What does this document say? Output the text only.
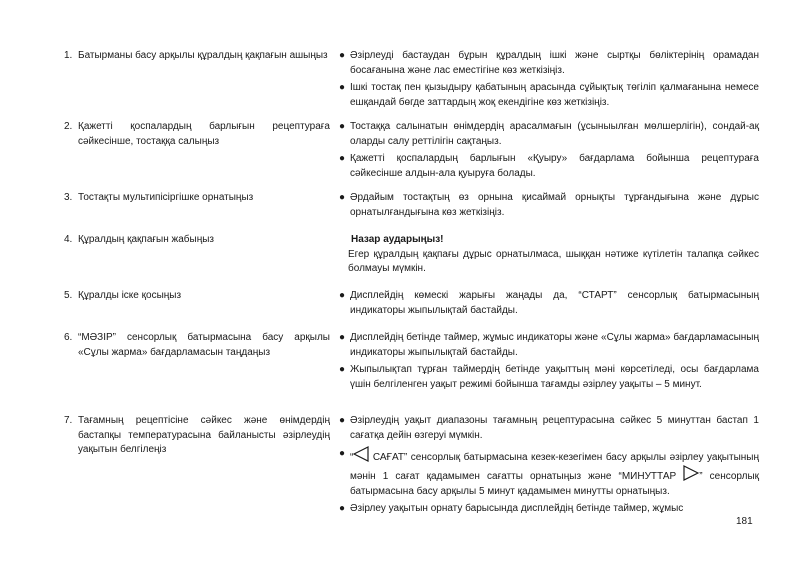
1. Батырманы басу арқылы құралдың қақпағын ашыңыз ● Әзірлеуді бастаудан бұрын құралдың ішкі және сыртқы бөліктерінің орамадан босағанына және лас еместігіне көз жеткізіңіз.
● Ішкі тостақ пен қызыдыру қабатының арасында сұйықтық төгіліп қалмағанына немесе ешқандай бөгде заттардың жоқ екендігіне көз жеткізіңіз.
2. Қажетті қоспалардың барлығын рецептураға сәйкесінше, тостаққа салыңыз
● Тостаққа салынатын өнімдердің арасалмағын (ұсыныылған мөлшерлігін), сондай-ақ оларды салу реттілігін сақтаңыз.
● Қажетті қоспалардың барлығын «Қуыру» бағдарлама бойынша рецептураға сәйкесінше алдын-ала қуыруға болады.
3. Тостақты мультипісіргішке орнатыңыз	● Әрдайым тостақтың өз орнына қисаймай орнықты тұрғандығына және дұрыс орнатылғандығына көз жеткізіңіз.
4. Құралдың қақпағын жабыңыз	Назар аударыңыз!
Егер құралдың қақпағы дұрыс орнатылмаса, шыққан нәтиже күтілетін талапқа сәйкес болмауы мүмкін.
5. Құралды іске қосыңыз	● Дисплейдің көмескі жарығы жаңады да, “СТАРТ” сенсорлық батырмасының индикаторы жыпылықтай бастайды.
6. “МӘЗІР” сенсорлық батырмасына басу арқылы «Сұлы жарма» бағдарламасын таңдаңыз
● Дисплейдің бетінде таймер, жұмыс индикаторы және «Сұлы жарма» бағдарламасының индикаторы жыпылықтай бастайды.
● Жыпылықтап тұрған таймердің бетінде уақыттың мәні көрсетіледі, осы бағдарлама үшін белгіленген уақыт режимі бойынша тағамды әзірлеу уақыты – 5 минут.
7. Тағамның рецептісіне сәйкес және өнімдердің бастапқы температурасына байланысты әзірлеудің уақытын белгілеңіз
● Әзірлеудің уақыт диапазоны тағамның рецептурасына сәйкес 5 минуттан бастап 1 сағатқа дейін өзгеруі мүмкін.
● “ САҒАТ” сенсорлық батырмасына кезек-кезегімен басу арқылы әзірлеу уақытының мәнін 1 сағат қадамымен сағатты орнатыңыз және “МИНУТТАР ” сенсорлық батырмасына басу арқылы 5 минут қадамымен минутты орнатыңыз.
● Әзірлеу уақытын орнату барысында дисплейдің бетінде таймер, жұмыс
181
